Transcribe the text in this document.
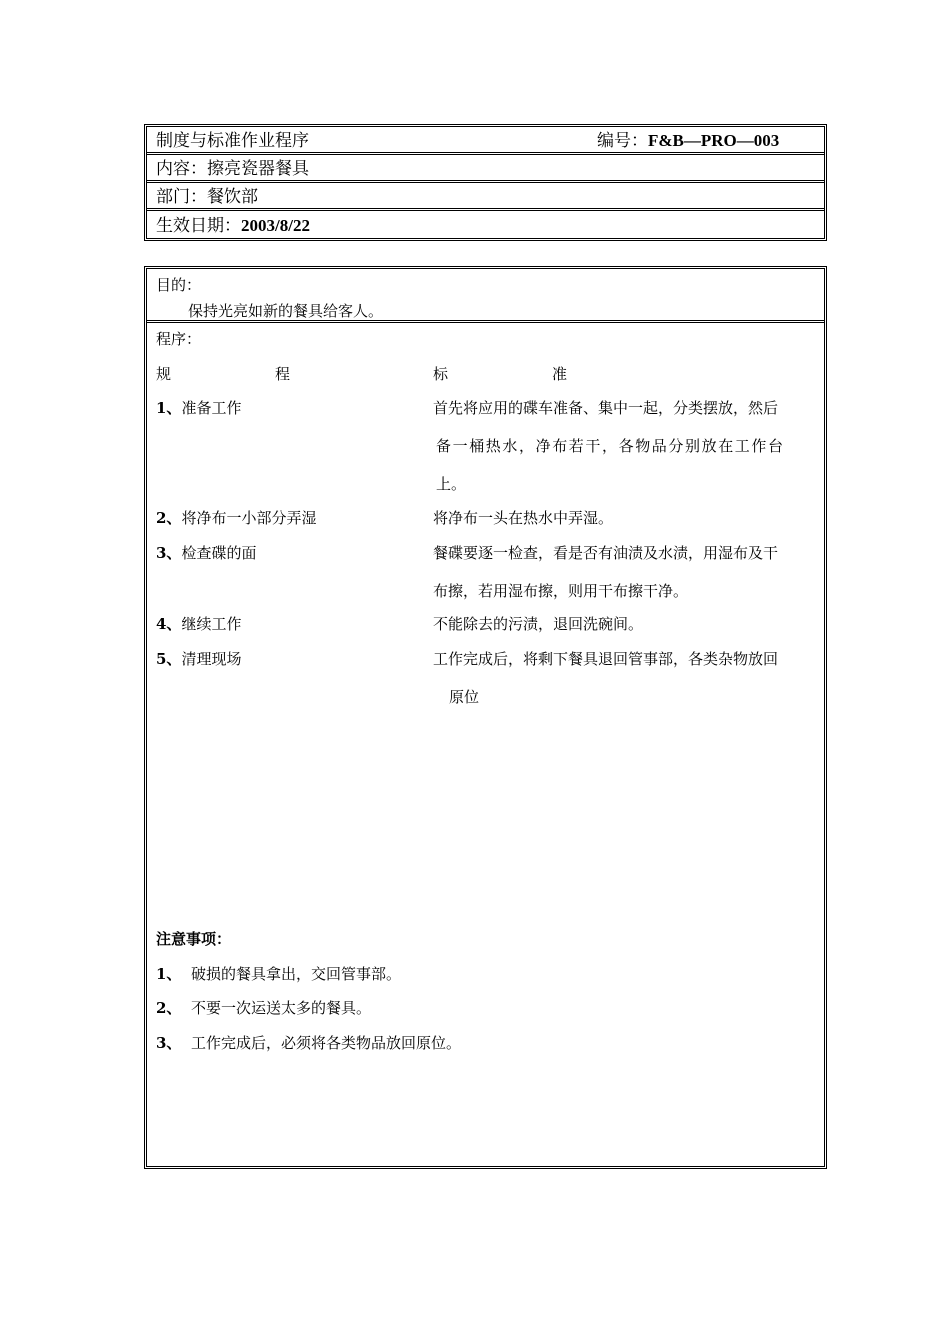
制度与标准作业程序	编号：F&B—PRO—003
内容：擦亮瓷器餐具
部门：餐饮部
生效日期：2003/8/22
目的：
保持光亮如新的餐具给客人。
程序：
规程	标准
1、准备工作	首先将应用的碟车准备、集中一起，分类摆放，然后
备一桶热水，净布若干，各物品分别放在工作台
上。
2、将净布一小部分弄湿	将净布一头在热水中弄湿。
3、检查碟的面	餐碟要逐一检查，看是否有油渍及水渍，用湿布及干
布擦，若用湿布擦，则用干布擦干净。
4、继续工作	不能除去的污渍，退回洗碗间。
5、清理现场	工作完成后，将剩下餐具退回管事部，各类杂物放回
原位
注意事项：
1、 破损的餐具拿出，交回管事部。
2、 不要一次运送太多的餐具。
3、 工作完成后，必须将各类物品放回原位。
